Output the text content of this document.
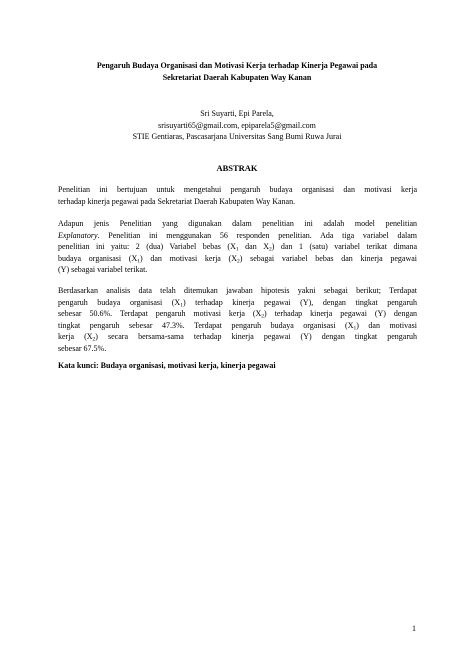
Pengaruh Budaya Organisasi dan Motivasi Kerja terhadap Kinerja Pegawai pada
Sekretariat Daerah Kabupaten Way Kanan
Sri Suyarti, Epi Parela,
srisuyarti65@gmail.com, epiparela5@gmail.com
STIE Gentiaras, Pascasarjana Universitas Sang Bumi Ruwa Jurai
ABSTRAK
Penelitian ini bertujuan untuk mengetahui pengaruh budaya organisasi dan motivasi kerja
terhadap kinerja pegawai pada Sekretariat Daerah Kabupaten Way Kanan.
Adapun jenis Penelitian yang digunakan dalam penelitian ini adalah model penelitian
Explanatory. Penelitian ini menggunakan 56 responden penelitian. Ada tiga variabel dalam
penelitian ini yaitu: 2 (dua) Variabel bebas ($X_1$ dan $X_2$) dan 1 (satu) variabel terikat dimana
budaya organisasi $(X_1)$ dan motivasi kerja $(X_2)$ sebagai variabel bebas dan kinerja pegawai
(Y) sebagai variabel terikat.
Berdasarkan analisis data telah ditemukan jawaban hipotesis yakni sebagai berikut; Terdapat
pengaruh budaya organisasi $(X_1)$ terhadap kinerja pegawai (Y), dengan tingkat pengaruh
sebesar 50.6%. Terdapat pengaruh motivasi kerja $(X_2)$ terhadap kinerja pegawai (Y) dengan
tingkat pengaruh sebesar 47.3%. Terdapat pengaruh budaya organisasi $(X_1)$ dan motivasi
kerja $(X_2)$ secara bersama-sama terhadap kinerja pegawai (Y) dengan tingkat pengaruh
sebesar 67.5%.
Kata kunci: Budaya organisasi, motivasi kerja, kinerja pegawai
1
